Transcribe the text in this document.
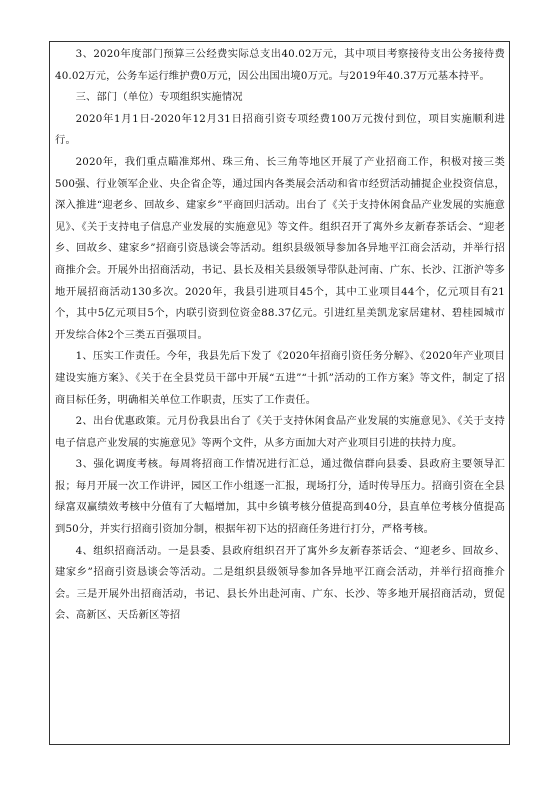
3、2020年度部门预算三公经费实际总支出40.02万元，其中项目考察接待支出公务接待费40.02万元，公务车运行维护费0万元，因公出国出境0万元。与2019年40.37万元基本持平。

三、部门（单位）专项组织实施情况

2020年1月1日-2020年12月31日招商引资专项经费100万元拨付到位，项目实施顺利进行。

2020年，我们重点瞄准郑州、珠三角、长三角等地区开展了产业招商工作，积极对接三类500强、行业领军企业、央企省企等，通过国内各类展会活动和省市经贸活动捕捉企业投资信息，深入推进“迎老乡、回故乡、建家乡”平商回归活动。出台了《关于支持休闲食品产业发展的实施意见》、《关于支持电子信息产业发展的实施意见》等文件。组织召开了寓外乡友新春茶话会、“迎老乡、回故乡、建家乡”招商引资恳谈会等活动。组织县级领导参加各异地平江商会活动，并举行招商推介会。开展外出招商活动，书记、县长及相关县级领导带队赴河南、广东、长沙、江浙沪等多地开展招商活动130多次。2020年，我县引进项目45个，其中工业项目44个，亿元项目有21个，其中5亿元项目5个，内联引资到位资金88.37亿元。引进红星美凯龙家居建材、碧桂园城市开发综合体2个三类五百强项目。

1、压实工作责任。今年，我县先后下发了《2020年招商引资任务分解》、《2020年产业项目建设实施方案》、《关于在全县党员干部中开展“五进”“十抓”活动的工作方案》等文件，制定了招商目标任务，明确相关单位工作职责，压实了工作责任。

2、出台优惠政策。元月份我县出台了《关于支持休闲食品产业发展的实施意见》、《关于支持电子信息产业发展的实施意见》等两个文件，从多方面加大对产业项目引进的扶持力度。

3、强化调度考核。每周将招商工作情况进行汇总，通过微信群向县委、县政府主要领导汇报；每月开展一次工作讲评，园区工作小组逐一汇报，现场打分，适时传导压力。招商引资在全县绿富双赢绩效考核中分值有了大幅增加，其中乡镇考核分值提高到40分，县直单位考核分值提高到50分，并实行招商引资加分制，根据年初下达的招商任务进行打分，严格考核。

4、组织招商活动。一是县委、县政府组织召开了寓外乡友新春茶话会、“迎老乡、回故乡、建家乡”招商引资恳谈会等活动。二是组织县级领导参加各异地平江商会活动，并举行招商推介会。三是开展外出招商活动，书记、县长外出赴河南、广东、长沙、等多地开展招商活动，贸促会、高新区、天岳新区等招
